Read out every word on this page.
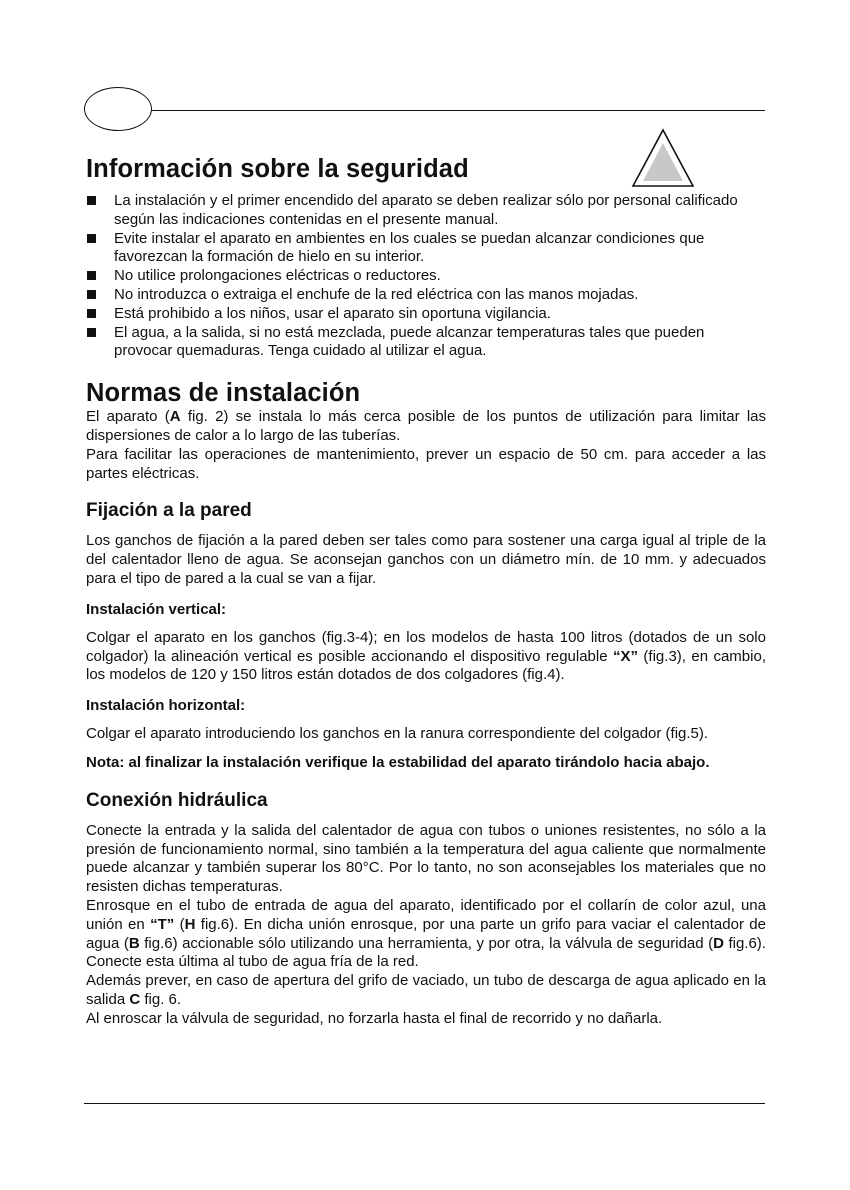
Información sobre la seguridad
La instalación y el primer encendido del aparato se deben realizar sólo por personal calificado según las indicaciones contenidas en el presente manual.
Evite instalar el aparato en ambientes en los cuales se puedan alcanzar condiciones que favorezcan la formación de hielo en su interior.
No utilice prolongaciones eléctricas o reductores.
No introduzca o extraiga el enchufe de la red eléctrica con las manos mojadas.
Está prohibido a los niños, usar el aparato sin oportuna vigilancia.
El agua, a la salida, si no está mezclada, puede alcanzar temperaturas tales que pueden provocar quemaduras. Tenga cuidado al utilizar el agua.
Normas de instalación

El aparato (A fig. 2) se instala lo más cerca posible de los puntos de utilización para limitar las dispersiones de calor a lo largo de las tuberías.

Para facilitar las operaciones de mantenimiento, prever un espacio de 50 cm. para acceder a las partes eléctricas.

Fijación a la pared

Los ganchos de fijación a la pared deben ser tales como para sostener una carga igual al triple de la del calentador lleno de agua. Se aconsejan ganchos con un diámetro mín. de 10 mm. y adecuados para el tipo de pared a la cual se van a fijar.

Instalación vertical:

Colgar el aparato en los ganchos (fig.3-4); en los modelos de hasta 100 litros (dotados de un solo colgador) la alineación vertical es posible accionando el dispositivo regulable “X” (fig.3), en cambio, los modelos de 120 y 150 litros están dotados de dos colgadores (fig.4).

Instalación horizontal:

Colgar el aparato introduciendo los ganchos en la ranura correspondiente del colgador (fig.5).

Nota: al finalizar la instalación verifique la estabilidad del aparato tirándolo hacia abajo.

Conexión hidráulica

Conecte la entrada y la salida del calentador de agua con tubos o uniones resistentes, no sólo a la presión de funcionamiento normal, sino también a la temperatura del agua caliente que normalmente puede alcanzar y también superar los 80°C. Por lo tanto, no son aconsejables los materiales que no resisten dichas temperaturas.

Enrosque en el tubo de entrada de agua del aparato, identificado por el collarín de color azul, una unión en “T” (H fig.6). En dicha unión enrosque, por una parte un grifo para vaciar el calentador de agua (B fig.6) accionable sólo utilizando una herramienta, y por otra, la válvula de seguridad (D fig.6). Conecte esta última al tubo de agua fría de la red.

Además prever, en caso de apertura del grifo de vaciado, un tubo de descarga de agua aplicado en la salida C fig. 6.

Al enroscar la válvula de seguridad, no forzarla hasta el final de recorrido y no dañarla.
